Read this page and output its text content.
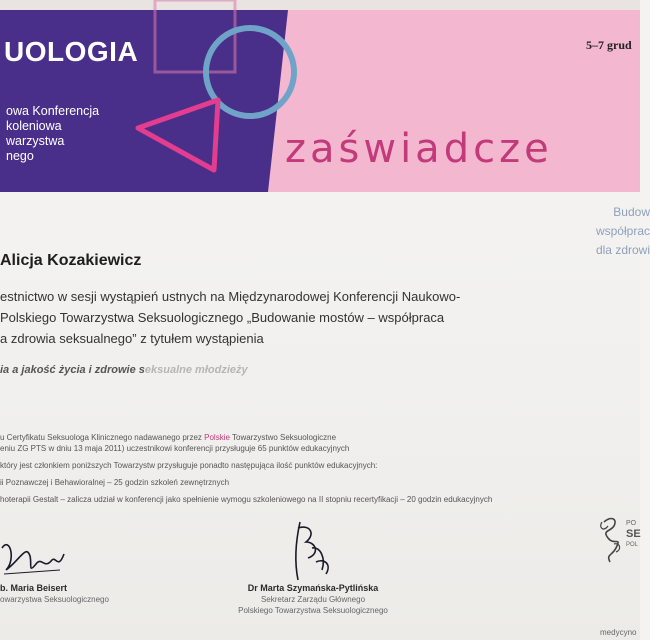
UOLOGIA
owa Konferencja
koleniowa
warzystwa
nego
5–7 grud
zaświadcze
Budow
współprac
dla zdrowi
Alicja Kozakiewicz
estnictwo w sesji wystąpień ustnych na Międzynarodowej Konferencji Naukowo-
Polskiego Towarzystwa Seksuologicznego „Budowanie mostów – współpraca
a zdrowia seksualnego” z tytułem wystąpienia
ia a jakość życia i zdrowie seksualne młodzieży
u Certyfikatu Seksuologa Klinicznego nadawanego przez Polskie Towarzystwo Seksuologiczne
eniu ZG PTS w dniu 13 maja 2011) uczestnikowi konferencji przysługuje 65 punktów edukacyjnych
który jest członkiem poniższych Towarzystw przysługuje ponadto następująca ilość punktów edukacyjnych:
ii Poznawczej i Behawioralnej – 25 godzin szkoleń zewnętrznych
hoterapii Gestalt – zalicza udział w konferencji jako spełnienie wymogu szkoleniowego na II stopniu recertyfikacji – 20 godzin edukacyjnych
b. Maria Beisert
owarzystwa Seksuologicznego
Dr Marta Szymańska-Pytlińska
Sekretarz Zarządu Głównego
Polskiego Towarzystwa Seksuologicznego
PO
SE
POL
medycyno
